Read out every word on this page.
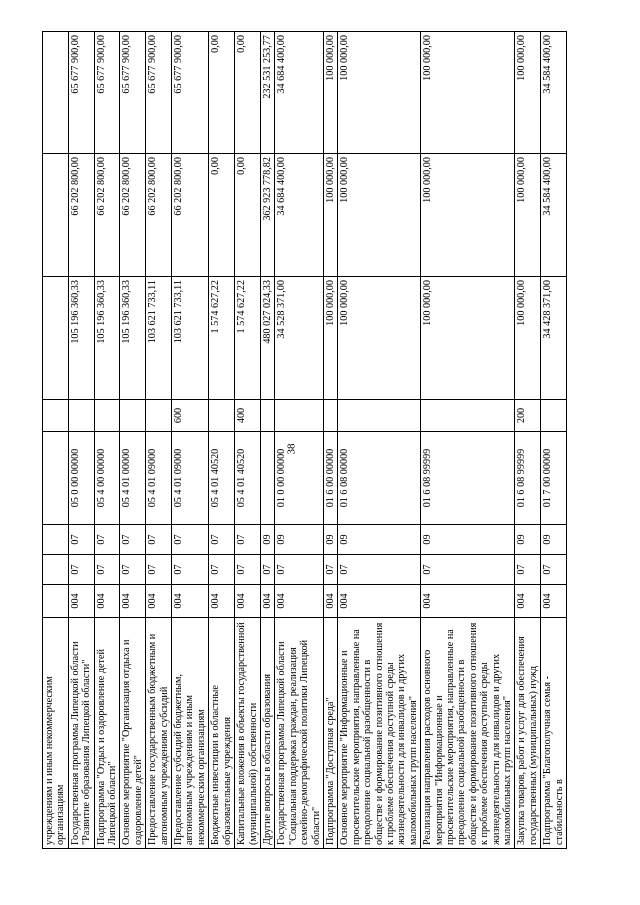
38
учреждениям и иным некоммерческим организациям								
Государственная программа Липецкой области "Развитие образования Липецкой области"	004	07	07	05 0 00 00000		105 196 360,33	66 202 800,00	65 677 900,00
Подпрограмма "Отдых и оздоровление детей Липецкой области"	004	07	07	05 4 00 00000		105 196 360,33	66 202 800,00	65 677 900,00
Основное мероприятие "Организация отдыха и оздоровление детей"	004	07	07	05 4 01 00000		105 196 360,33	66 202 800,00	65 677 900,00
Предоставление государственным бюджетным и автономным учреждениям субсидий	004	07	07	05 4 01 09000		103 621 733,11	66 202 800,00	65 677 900,00
Предоставление субсидий бюджетным, автономным учреждениям и иным некоммерческим организациям	004	07	07	05 4 01 09000	600	103 621 733,11	66 202 800,00	65 677 900,00
Бюджетные инвестиции в областные образовательные учреждения	004	07	07	05 4 01 40520		1 574 627,22	0,00	0,00
Капитальные вложения в объекты государственной (муниципальной) собственности	004	07	07	05 4 01 40520	400	1 574 627,22	0,00	0,00
Другие вопросы в области образования	004	07	09			480 027 024,33	362 923 778,82	232 531 253,77
Государственная программа Липецкой области "Социальная поддержка граждан, реализация семейно-демографической политики Липецкой области"	004	07	09	01 0 00 00000		34 528 371,00	34 684 400,00	34 684 400,00
Подпрограмма "Доступная среда"	004	07	09	01 6 00 00000		100 000,00	100 000,00	100 000,00
Основное мероприятие "Информационные и просветительские мероприятия, направленные на преодоление социальной разобщенности в обществе и формирование позитивного отношения к проблеме обеспечения доступной среды жизнедеятельности для инвалидов и других маломобильных групп населения"	004	07	09	01 6 08 00000		100 000,00	100 000,00	100 000,00
Реализация направления расходов основного мероприятия "Информационные и просветительские мероприятия, направленные на преодоление социальной разобщенности в обществе и формирование позитивного отношения к проблеме обеспечения доступной среды жизнедеятельности для инвалидов и других маломобильных групп населения"	004	07	09	01 6 08 99999		100 000,00	100 000,00	100 000,00
Закупка товаров, работ и услуг для обеспечения государственных (муниципальных) нужд	004	07	09	01 6 08 99999	200	100 000,00	100 000,00	100 000,00
Подпрограмма "Благополучная семья - стабильность в	004	07	09	01 7 00 00000		34 428 371,00	34 584 400,00	34 584 400,00
